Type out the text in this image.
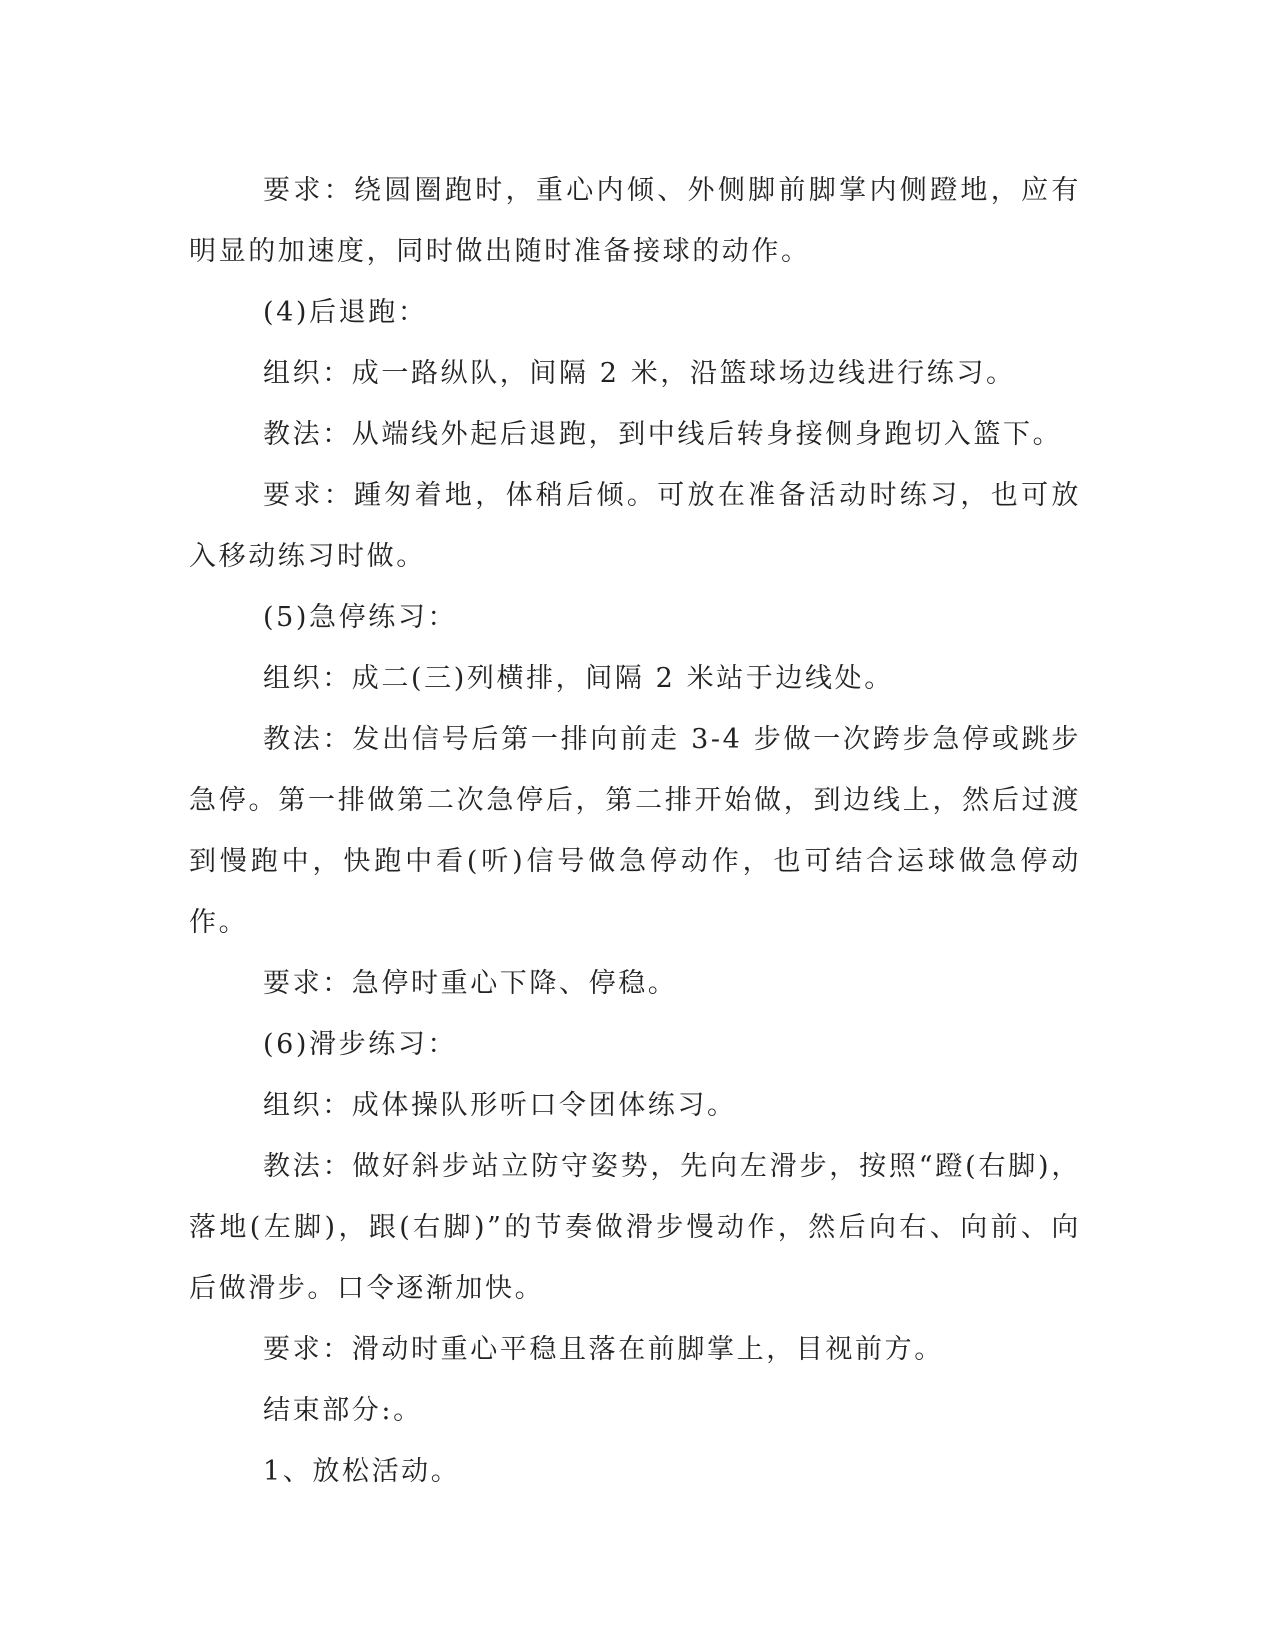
要求：绕圆圈跑时，重心内倾、外侧脚前脚掌内侧蹬地，应有明显的加速度，同时做出随时准备接球的动作。

(4)后退跑：

组织：成一路纵队，间隔 2 米，沿篮球场边线进行练习。

教法：从端线外起后退跑，到中线后转身接侧身跑切入篮下。

要求：踵匆着地，体稍后倾。可放在准备活动时练习，也可放入移动练习时做。

(5)急停练习：

组织：成二(三)列横排，间隔 2 米站于边线处。

教法：发出信号后第一排向前走 3-4 步做一次跨步急停或跳步急停。第一排做第二次急停后，第二排开始做，到边线上，然后过渡到慢跑中，快跑中看(听)信号做急停动作，也可结合运球做急停动作。

要求：急停时重心下降、停稳。

(6)滑步练习：

组织：成体操队形听口令团体练习。

教法：做好斜步站立防守姿势，先向左滑步，按照“蹬(右脚)，落地(左脚)，跟(右脚)”的节奏做滑步慢动作，然后向右、向前、向后做滑步。口令逐渐加快。

要求：滑动时重心平稳且落在前脚掌上，目视前方。

结束部分:。

1、放松活动。
